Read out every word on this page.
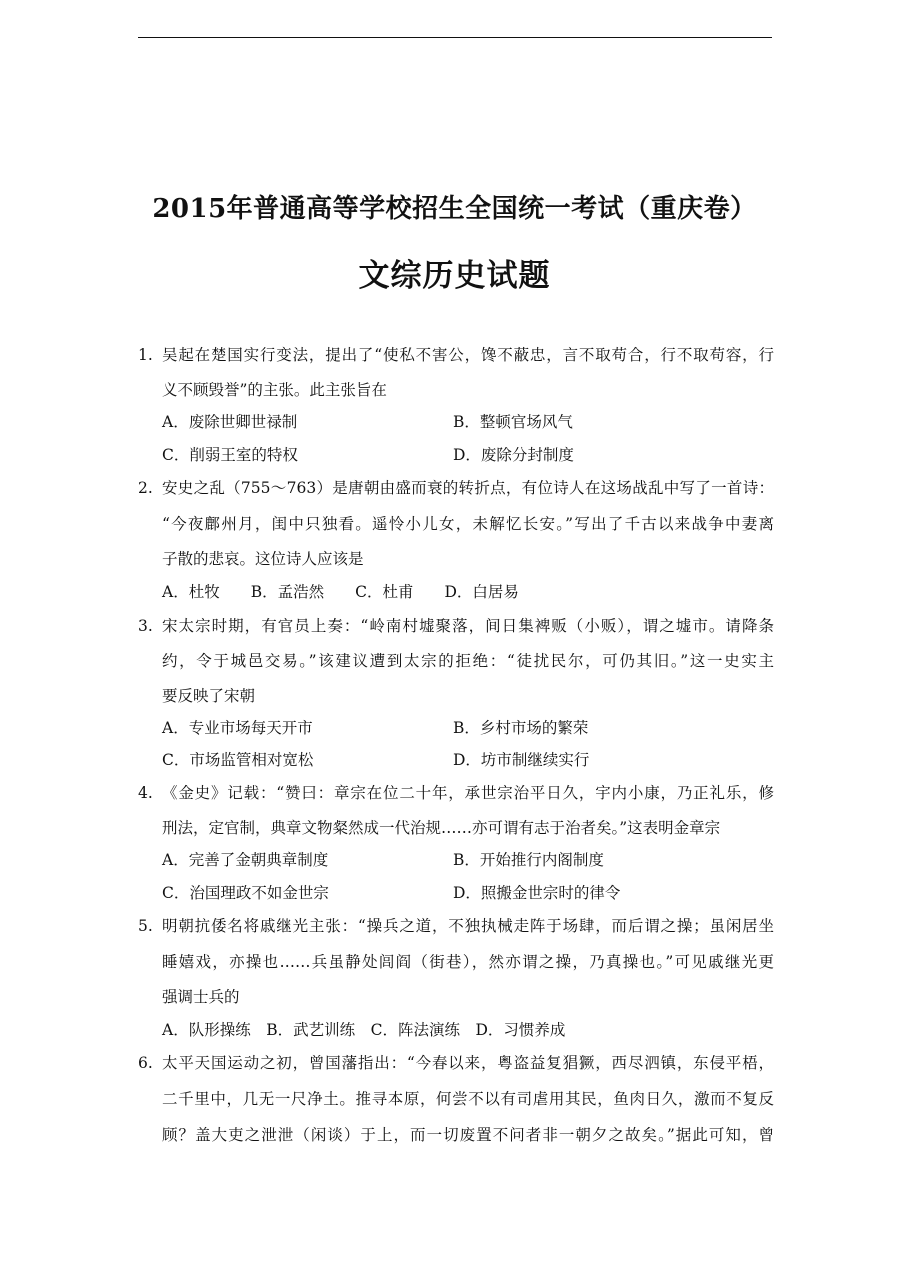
2015年普通高等学校招生全国统一考试（重庆卷）
文综历史试题
1. 吴起在楚国实行变法，提出了“使私不害公，馋不蔽忠，言不取苟合，行不取苟容，行
义不顾毁誉”的主张。此主张旨在
A．废除世卿世禄制	B．整顿官场风气
C．削弱王室的特权	D．废除分封制度
2. 安史之乱（755～763）是唐朝由盛而衰的转折点，有位诗人在这场战乱中写了一首诗：
“今夜鄜州月，闺中只独看。遥怜小儿女，未解忆长安。”写出了千古以来战争中妻离
子散的悲哀。这位诗人应该是
A．杜牧　　B．孟浩然　　C．杜甫　　D．白居易
3. 宋太宗时期，有官员上奏：“岭南村墟聚落，间日集裨贩（小贩），谓之墟市。请降条
约，令于城邑交易。”该建议遭到太宗的拒绝：“徒扰民尔，可仍其旧。”这一史实主
要反映了宋朝
A．专业市场每天开市	B．乡村市场的繁荣
C．市场监管相对宽松	D．坊市制继续实行
4. 《金史》记载：“赞曰：章宗在位二十年，承世宗治平日久，宇内小康，乃正礼乐，修
刑法，定官制，典章文物粲然成一代治规……亦可谓有志于治者矣。”这表明金章宗
A．完善了金朝典章制度	B．开始推行内阁制度
C．治国理政不如金世宗	D．照搬金世宗时的律令
5. 明朝抗倭名将戚继光主张：“操兵之道，不独执械走阵于场肆，而后谓之操；虽闲居坐
睡嬉戏，亦操也……兵虽静处闾阎（街巷），然亦谓之操，乃真操也。”可见戚继光更
强调士兵的
A．队形操练　B．武艺训练　C．阵法演练　D．习惯养成
6. 太平天国运动之初，曾国藩指出：“今春以来，粤盗益复猖獗，西尽泗镇，东侵平梧，
二千里中，几无一尺净土。推寻本原，何尝不以有司虐用其民，鱼肉日久，激而不复反
顾？盖大吏之泄泄（闲谈）于上，而一切废置不问者非一朝夕之故矣。”据此可知，曾
